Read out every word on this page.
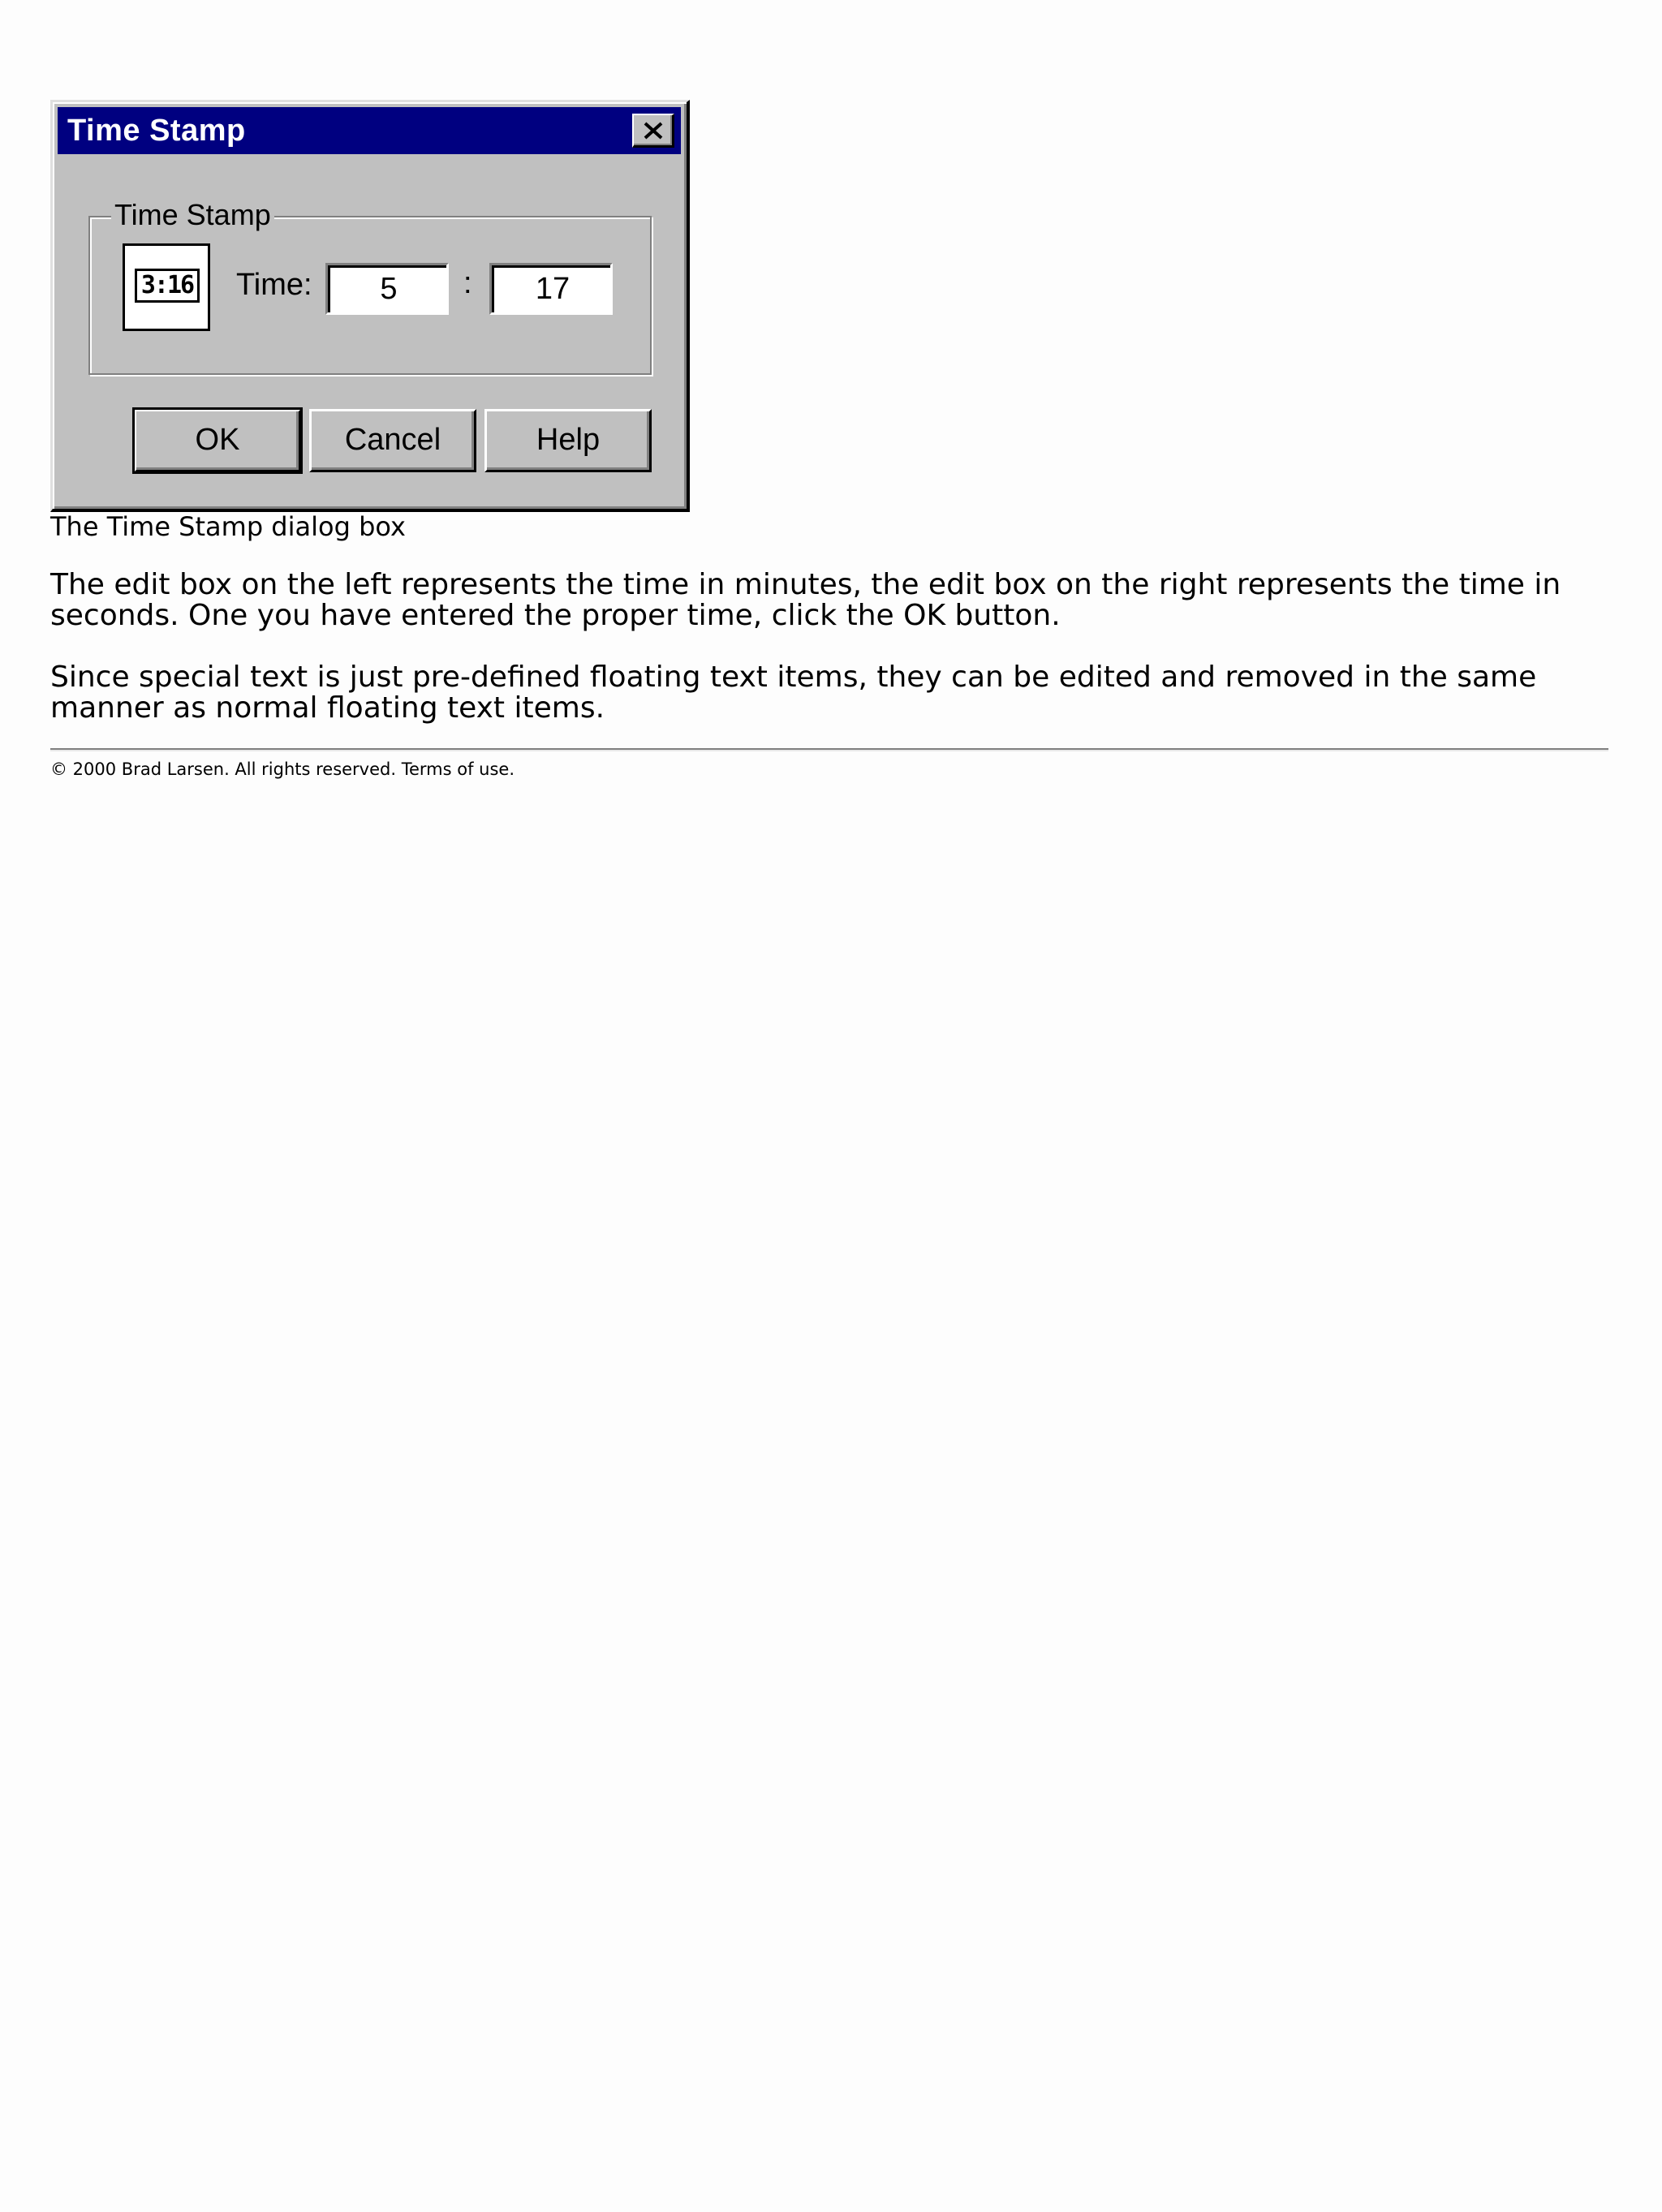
Time Stamp
Time Stamp
3:16 Time:	5	:	17
OK	Cancel	Help
The Time Stamp dialog box

The edit box on the left represents the time in minutes, the edit box on the right represents the time in seconds. One you have entered the proper time, click the OK button.

Since special text is just pre-defined floating text items, they can be edited and removed in the same manner as normal floating text items.

© 2000 Brad Larsen. All rights reserved. Terms of use.
